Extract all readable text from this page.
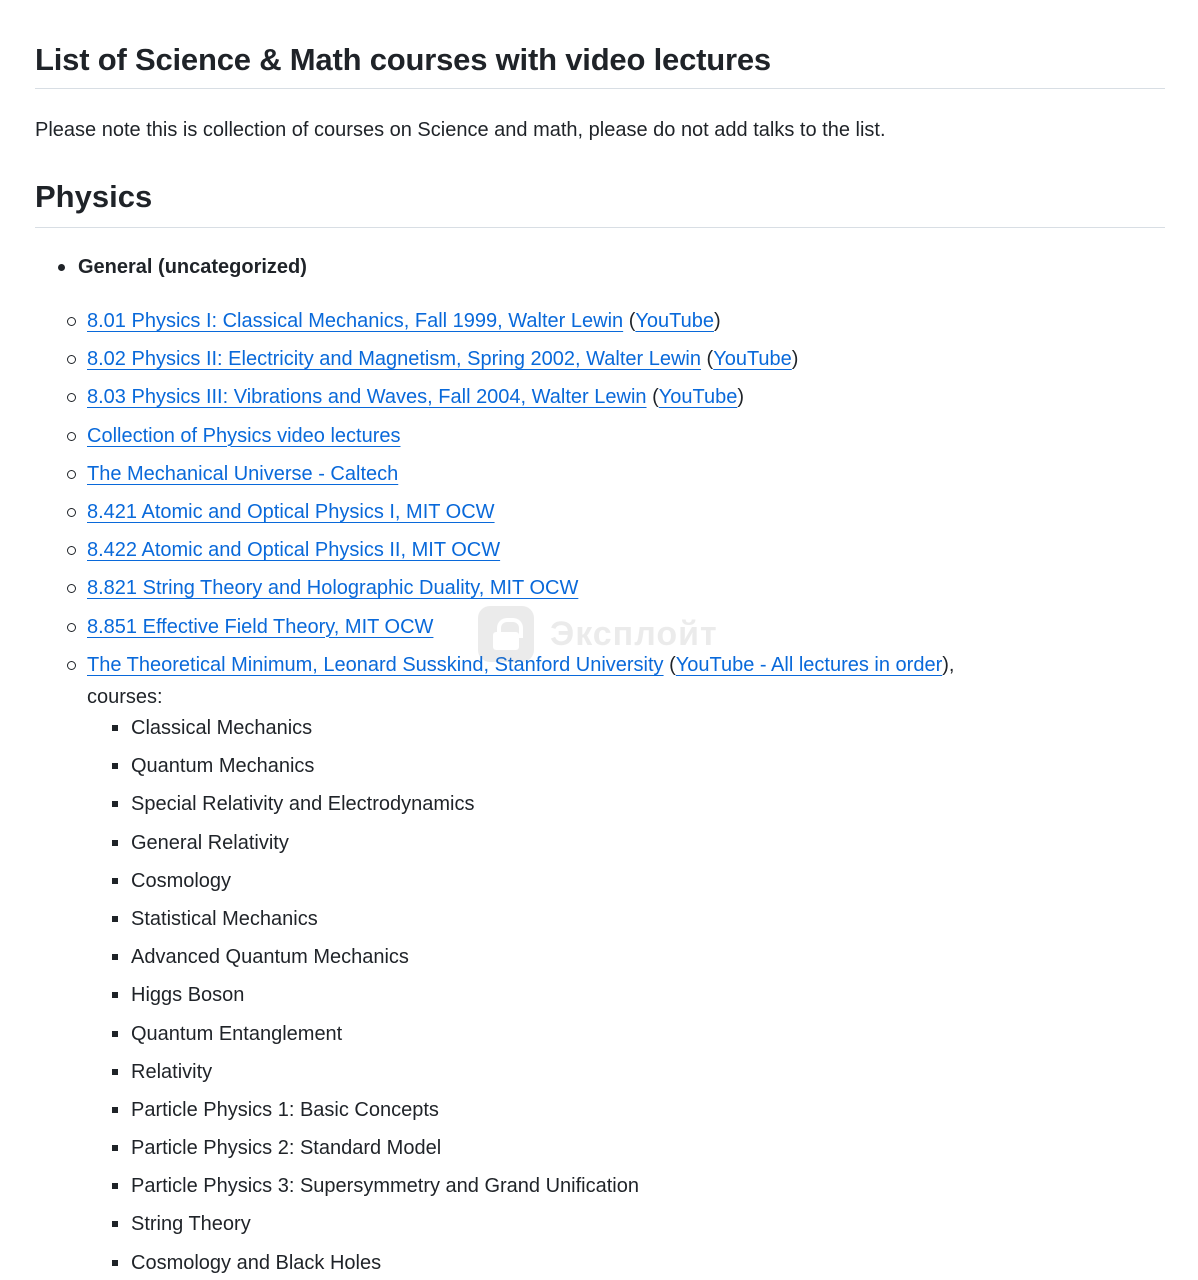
List of Science & Math courses with video lectures

Please note this is collection of courses on Science and math, please do not add talks to the list.

Physics
General (uncategorized)
8.01 Physics I: Classical Mechanics, Fall 1999, Walter Lewin (YouTube)
8.02 Physics II: Electricity and Magnetism, Spring 2002, Walter Lewin (YouTube)
8.03 Physics III: Vibrations and Waves, Fall 2004, Walter Lewin (YouTube)
Collection of Physics video lectures
The Mechanical Universe - Caltech
8.421 Atomic and Optical Physics I, MIT OCW
8.422 Atomic and Optical Physics II, MIT OCW
8.821 String Theory and Holographic Duality, MIT OCW
8.851 Effective Field Theory, MIT OCW
The Theoretical Minimum, Leonard Susskind, Stanford University (YouTube - All lectures in order),
courses:
Classical Mechanics
Quantum Mechanics
Special Relativity and Electrodynamics
General Relativity
Cosmology
Statistical Mechanics
Advanced Quantum Mechanics
Higgs Boson
Quantum Entanglement
Relativity
Particle Physics 1: Basic Concepts
Particle Physics 2: Standard Model
Particle Physics 3: Supersymmetry and Grand Unification
String Theory
Cosmology and Black Holes
Эксплойт
